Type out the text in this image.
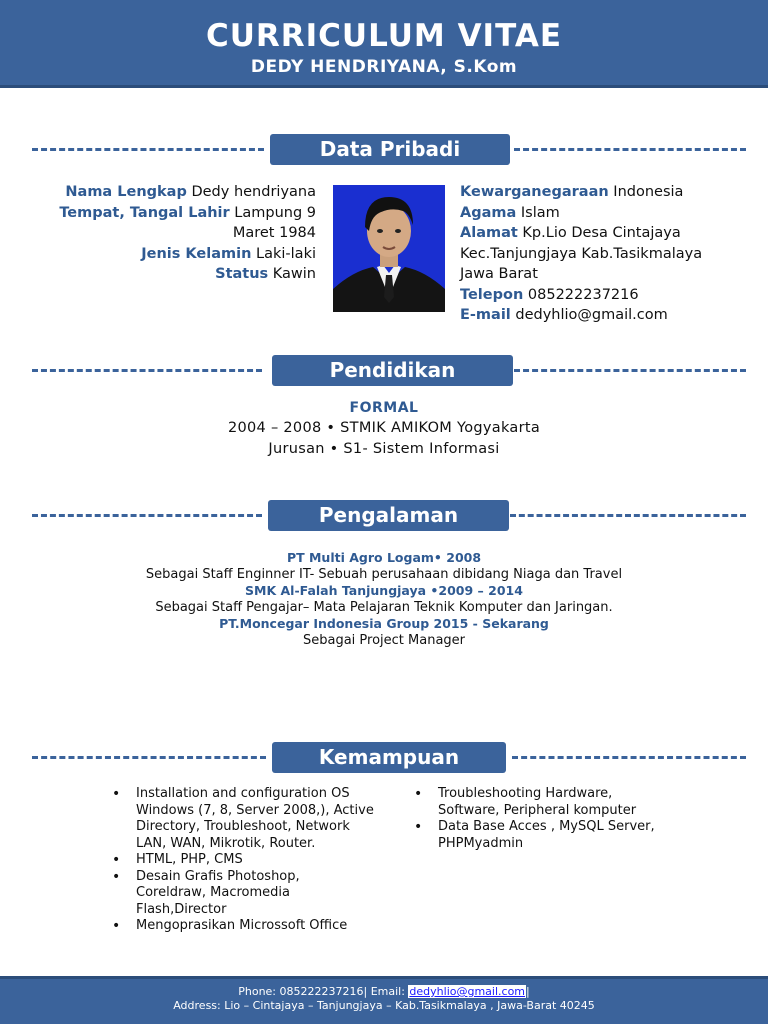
CURRICULUM VITAE
DEDY HENDRIYANA, S.Kom
Data Pribadi
Nama Lengkap Dedy hendriyana
Tempat, Tangal Lahir Lampung 9
Maret 1984
Jenis Kelamin Laki-laki
Status Kawin
Kewarganegaraan Indonesia
Agama Islam
Alamat Kp.Lio Desa Cintajaya
Kec.Tanjungjaya Kab.Tasikmalaya
Jawa Barat
Telepon 085222237216
E-mail dedyhlio@gmail.com
Pendidikan
FORMAL
2004 – 2008 • STMIK AMIKOM Yogyakarta
Jurusan • S1- Sistem Informasi
Pengalaman
PT Multi Agro Logam• 2008
Sebagai Staff Enginner IT- Sebuah perusahaan dibidang Niaga dan Travel
SMK Al-Falah Tanjungjaya •2009 – 2014
Sebagai Staff Pengajar– Mata Pelajaran Teknik Komputer dan Jaringan.
PT.Moncegar Indonesia Group 2015 - Sekarang
Sebagai Project Manager
Kemampuan
• Installation and configuration OS
Windows (7, 8, Server 2008,), Active
Directory, Troubleshoot, Network
LAN, WAN, Mikrotik, Router.
• HTML, PHP, CMS
• Desain Grafis Photoshop,
Coreldraw, Macromedia
Flash,Director
• Mengoprasikan Microssoft Office
• Troubleshooting Hardware,
Software, Peripheral komputer
• Data Base Acces , MySQL Server,
PHPMyadmin
Phone: 085222237216| Email: dedyhlio@gmail.com|
Address: Lio – Cintajaya – Tanjungjaya – Kab.Tasikmalaya , Jawa-Barat 40245
